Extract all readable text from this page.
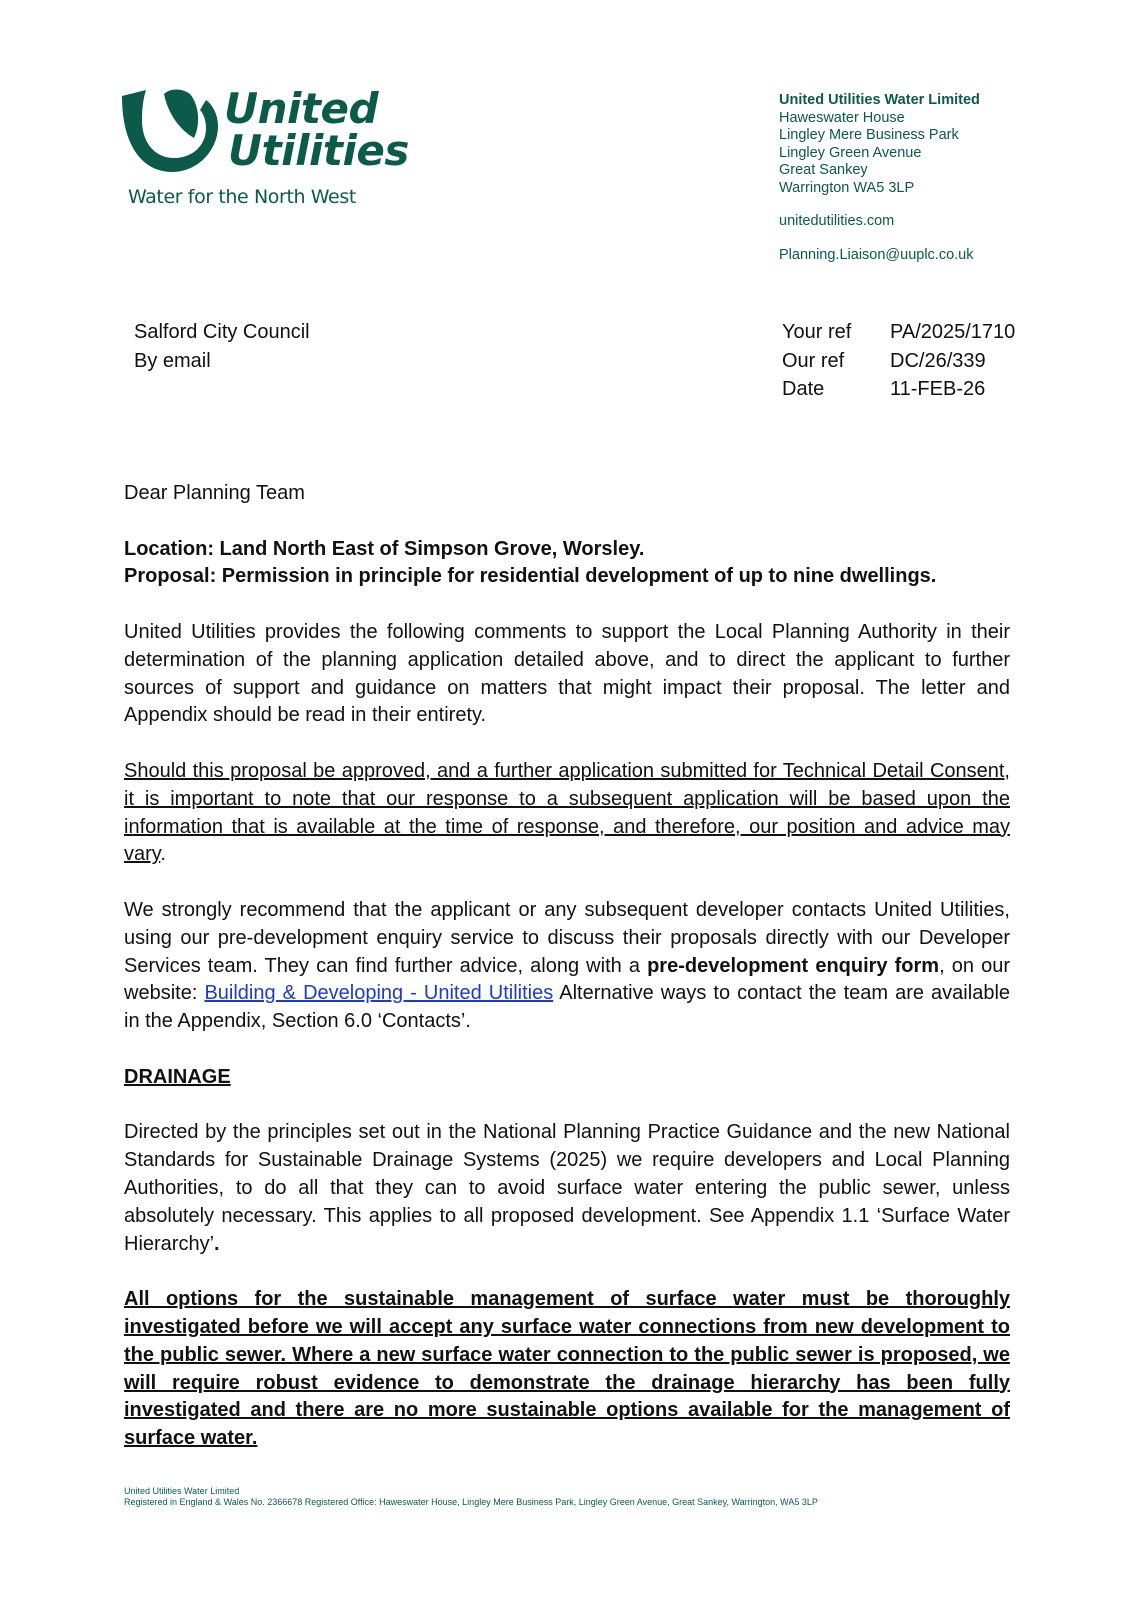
United
Utilities
Water for the North West
United Utilities Water Limited
Haweswater House
Lingley Mere Business Park
Lingley Green Avenue
Great Sankey
Warrington WA5 3LP
unitedutilities.com
Planning.Liaison@uuplc.co.uk
Salford City Council
By email
Your ref	PA/2025/1710
Our ref	DC/26/339
Date	11-FEB-26

Dear Planning Team

Location: Land North East of Simpson Grove, Worsley.
Proposal: Permission in principle for residential development of up to nine dwellings.

United Utilities provides the following comments to support the Local Planning Authority in their determination of the planning application detailed above, and to direct the applicant to further sources of support and guidance on matters that might impact their proposal. The letter and Appendix should be read in their entirety.

Should this proposal be approved, and a further application submitted for Technical Detail Consent, it is important to note that our response to a subsequent application will be based upon the information that is available at the time of response, and therefore, our position and advice may vary.

We strongly recommend that the applicant or any subsequent developer contacts United Utilities, using our pre-development enquiry service to discuss their proposals directly with our Developer Services team. They can find further advice, along with a pre-development enquiry form, on our website: Building & Developing - United Utilities Alternative ways to contact the team are available in the Appendix, Section 6.0 ‘Contacts’.

DRAINAGE

Directed by the principles set out in the National Planning Practice Guidance and the new National Standards for Sustainable Drainage Systems (2025) we require developers and Local Planning Authorities, to do all that they can to avoid surface water entering the public sewer, unless absolutely necessary. This applies to all proposed development. See Appendix 1.1 ‘Surface Water Hierarchy’.

All options for the sustainable management of surface water must be thoroughly investigated before we will accept any surface water connections from new development to the public sewer. Where a new surface water connection to the public sewer is proposed, we will require robust evidence to demonstrate the drainage hierarchy has been fully investigated and there are no more sustainable options available for the management of surface water.

United Utilities Water Limited
Registered in England & Wales No. 2366678 Registered Office: Haweswater House, Lingley Mere Business Park, Lingley Green Avenue, Great Sankey, Warrington, WA5 3LP
